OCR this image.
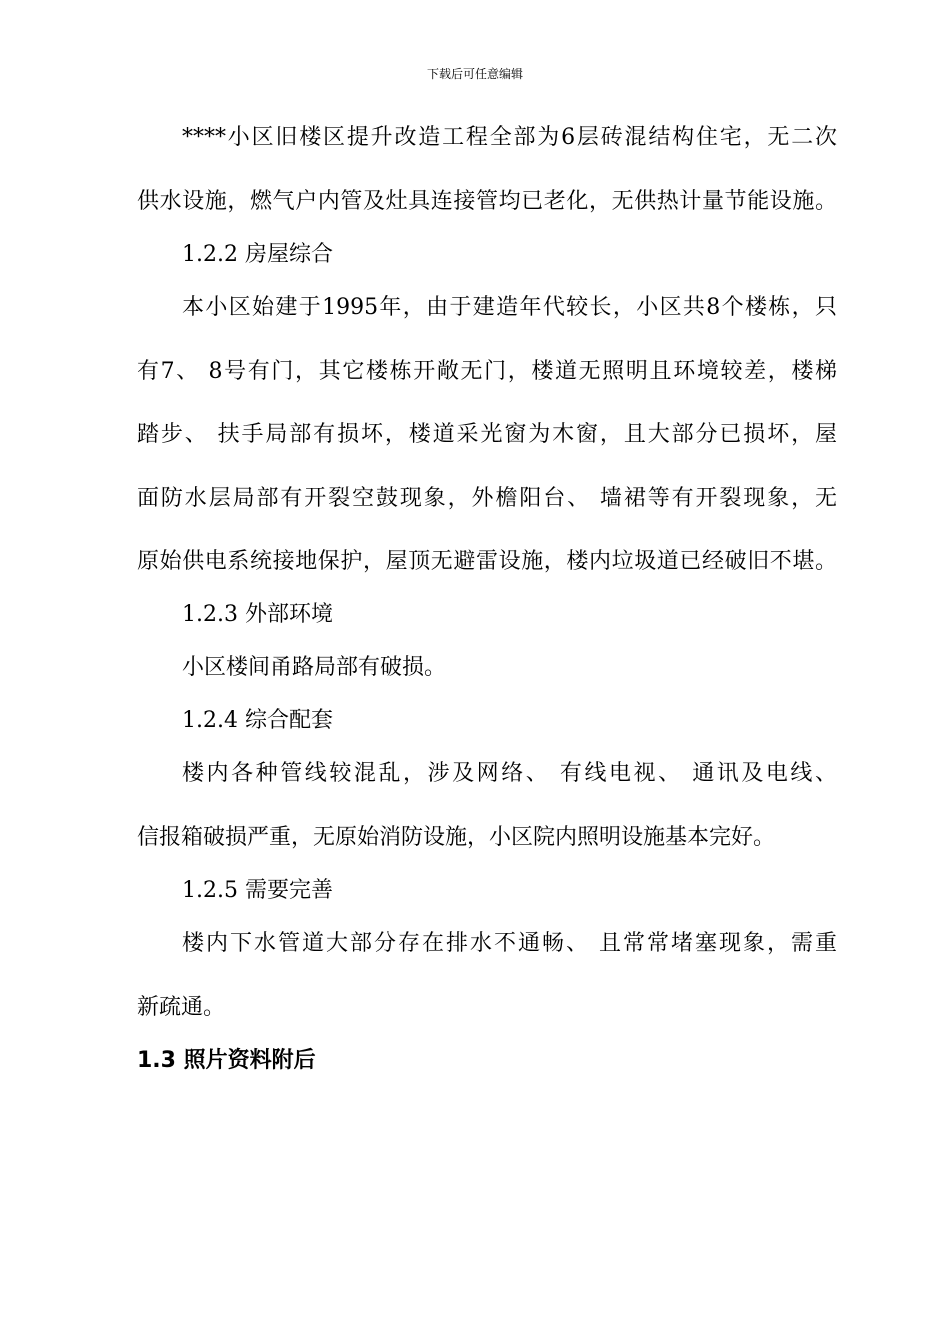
下载后可任意编辑
****小区旧楼区提升改造工程全部为6层砖混结构住宅，无二次
供水设施，燃气户内管及灶具连接管均已老化，无供热计量节能设施。
1.2.2 房屋综合
本小区始建于1995年，由于建造年代较长，小区共8个楼栋，只
有7、 8号有门，其它楼栋开敞无门，楼道无照明且环境较差，楼梯
踏步、 扶手局部有损坏，楼道采光窗为木窗，且大部分已损坏，屋
面防水层局部有开裂空鼓现象，外檐阳台、 墙裙等有开裂现象，无
原始供电系统接地保护，屋顶无避雷设施，楼内垃圾道已经破旧不堪。
1.2.3 外部环境
小区楼间甬路局部有破损。
1.2.4 综合配套
楼内各种管线较混乱，涉及网络、 有线电视、 通讯及电线、
信报箱破损严重，无原始消防设施，小区院内照明设施基本完好。
1.2.5 需要完善
楼内下水管道大部分存在排水不通畅、 且常常堵塞现象，需重
新疏通。
1.3 照片资料附后
